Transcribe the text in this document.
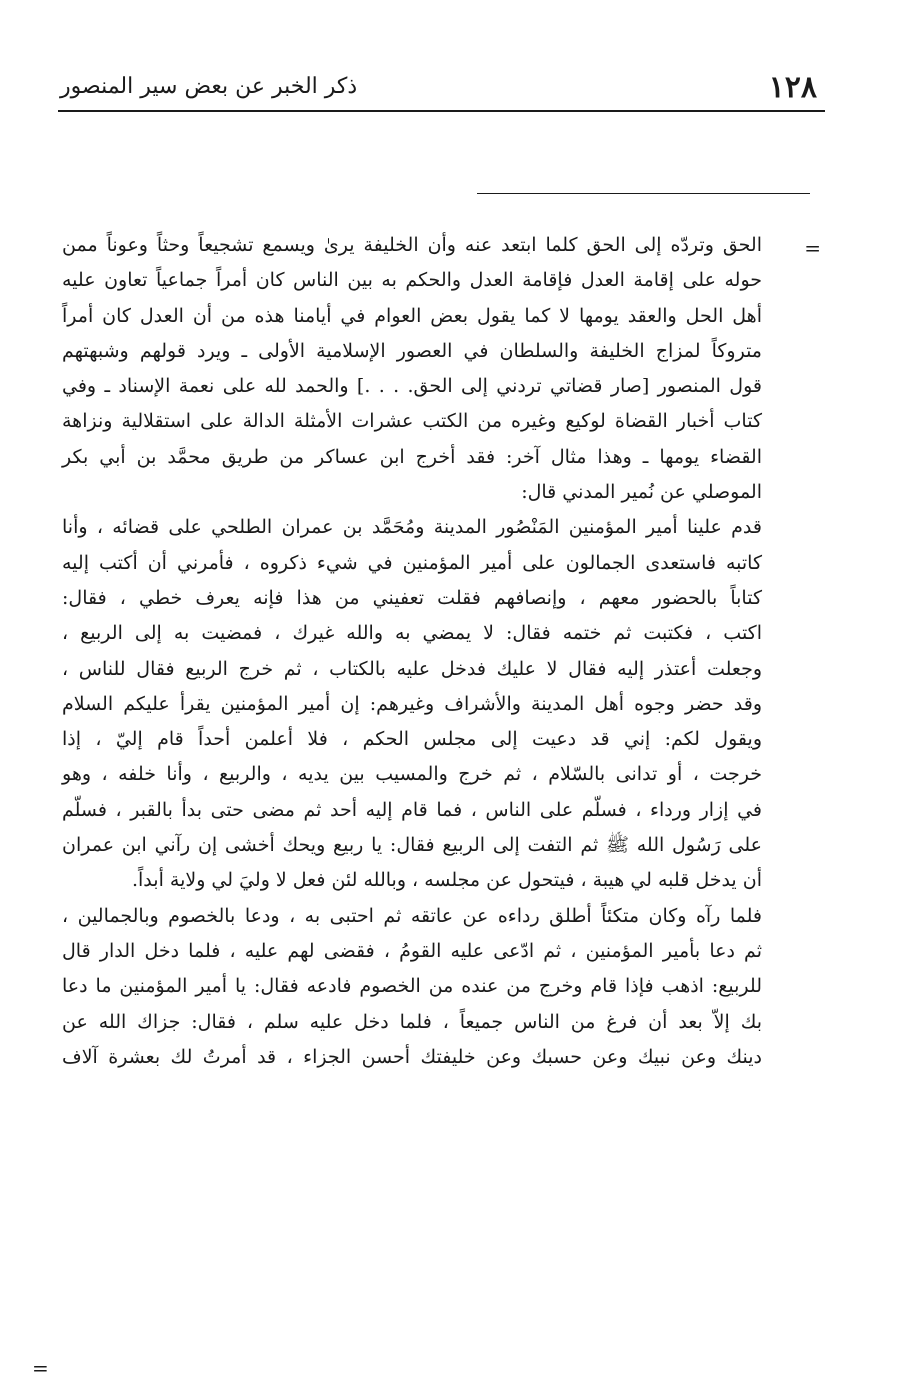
١٢٨
ذكر الخبر عن بعض سير المنصور
=
=
الحق وتردّه إلى الحق كلما ابتعد عنه وأن الخليفة يرىٰ ويسمع تشجيعاً وحثاً وعوناً ممن
حوله على إقامة العدل فإقامة العدل والحكم به بين الناس كان أمراً جماعياً تعاون عليه
أهل الحل والعقد يومها لا كما يقول بعض العوام في أيامنا هذه من أن العدل كان أمراً
متروكاً لمزاج الخليفة والسلطان في العصور الإسلامية الأولى ـ ويرد قولهم وشبهتهم
قول المنصور [صار قضاتي تردني إلى الحق. . . .] والحمد لله على نعمة الإسناد ـ وفي
كتاب أخبار القضاة لوكيع وغيره من الكتب عشرات الأمثلة الدالة على استقلالية ونزاهة
القضاء يومها ـ وهذا مثال آخر: فقد أخرج ابن عساكر من طريق محمَّد بن أبي بكر
الموصلي عن نُمير المدني قال:
قدم علينا أمير المؤمنين المَنْصُور المدينة ومُحَمَّد بن عمران الطلحي على قضائه ، وأنا
كاتبه فاستعدى الجمالون على أمير المؤمنين في شيء ذكروه ، فأمرني أن أكتب إليه
كتاباً بالحضور معهم ، وإنصافهم فقلت تعفيني من هذا فإنه يعرف خطي ، فقال:
اكتب ، فكتبت ثم ختمه فقال: لا يمضي به والله غيرك ، فمضيت به إلى الربيع ،
وجعلت أعتذر إليه فقال لا عليك فدخل عليه بالكتاب ، ثم خرج الربيع فقال للناس ،
وقد حضر وجوه أهل المدينة والأشراف وغيرهم: إن أمير المؤمنين يقرأ عليكم السلام
ويقول لكم: إني قد دعيت إلى مجلس الحكم ، فلا أعلمن أحداً قام إليّ ، إذا
خرجت ، أو تدانى بالسّلام ، ثم خرج والمسيب بين يديه ، والربيع ، وأنا خلفه ، وهو
في إزار ورداء ، فسلّم على الناس ، فما قام إليه أحد ثم مضى حتى بدأ بالقبر ، فسلّم
على رَسُول الله ﷺ ثم التفت إلى الربيع فقال: يا ربيع ويحك أخشى إن رآني ابن عمران
أن يدخل قلبه لي هيبة ، فيتحول عن مجلسه ، وبالله لئن فعل لا وليَ لي ولاية أبداً.
فلما رآه وكان متكئاً أطلق رداءه عن عاتقه ثم احتبى به ، ودعا بالخصوم وبالجمالين ،
ثم دعا بأمير المؤمنين ، ثم ادّعى عليه القومُ ، فقضى لهم عليه ، فلما دخل الدار قال
للربيع: اذهب فإذا قام وخرج من عنده من الخصوم فادعه فقال: يا أمير المؤمنين ما دعا
بك إلاّ بعد أن فرغ من الناس جميعاً ، فلما دخل عليه سلم ، فقال: جزاك الله عن
دينك وعن نبيك وعن حسبك وعن خليفتك أحسن الجزاء ، قد أمرتُ لك بعشرة آلاف
